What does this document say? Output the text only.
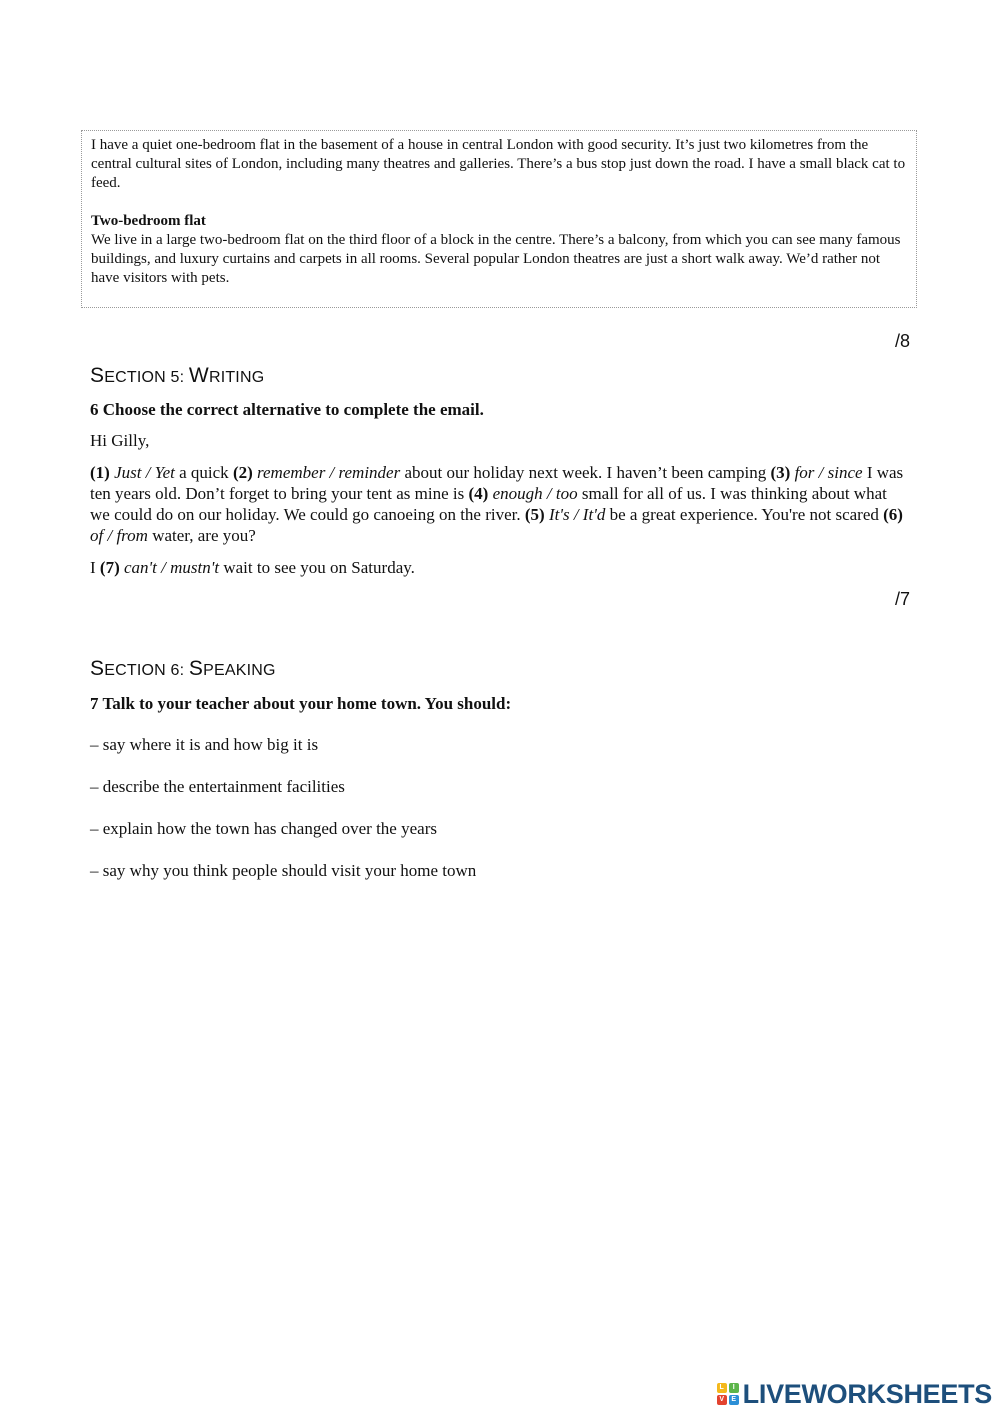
I have a quiet one-bedroom flat in the basement of a house in central London with good security. It’s just two kilometres from the central cultural sites of London, including many theatres and galleries. There’s a bus stop just down the road. I have a small black cat to feed.

Two-bedroom flat

We live in a large two-bedroom flat on the third floor of a block in the centre. There’s a balcony, from which you can see many famous buildings, and luxury curtains and carpets in all rooms. Several popular London theatres are just a short walk away. We’d rather not have visitors with pets.

/8
SECTION 5: WRITING

6 Choose the correct alternative to complete the email.

Hi Gilly,

(1) Just / Yet a quick (2) remember / reminder about our holiday next week. I haven’t been camping (3) for / since I was ten years old. Don’t forget to bring your tent as mine is (4) enough / too small for all of us. I was thinking about what we could do on our holiday. We could go canoeing on the river. (5) It's / It'd be a great experience. You're not scared (6) of / from water, are you?

I (7) can't / mustn't wait to see you on Saturday.

/7
SECTION 6: SPEAKING

7 Talk to your teacher about your home town. You should:

– say where it is and how big it is

– describe the entertainment facilities

– explain how the town has changed over the years

– say why you think people should visit your home town

L	I
V	E LIVEWORKSHEETS
